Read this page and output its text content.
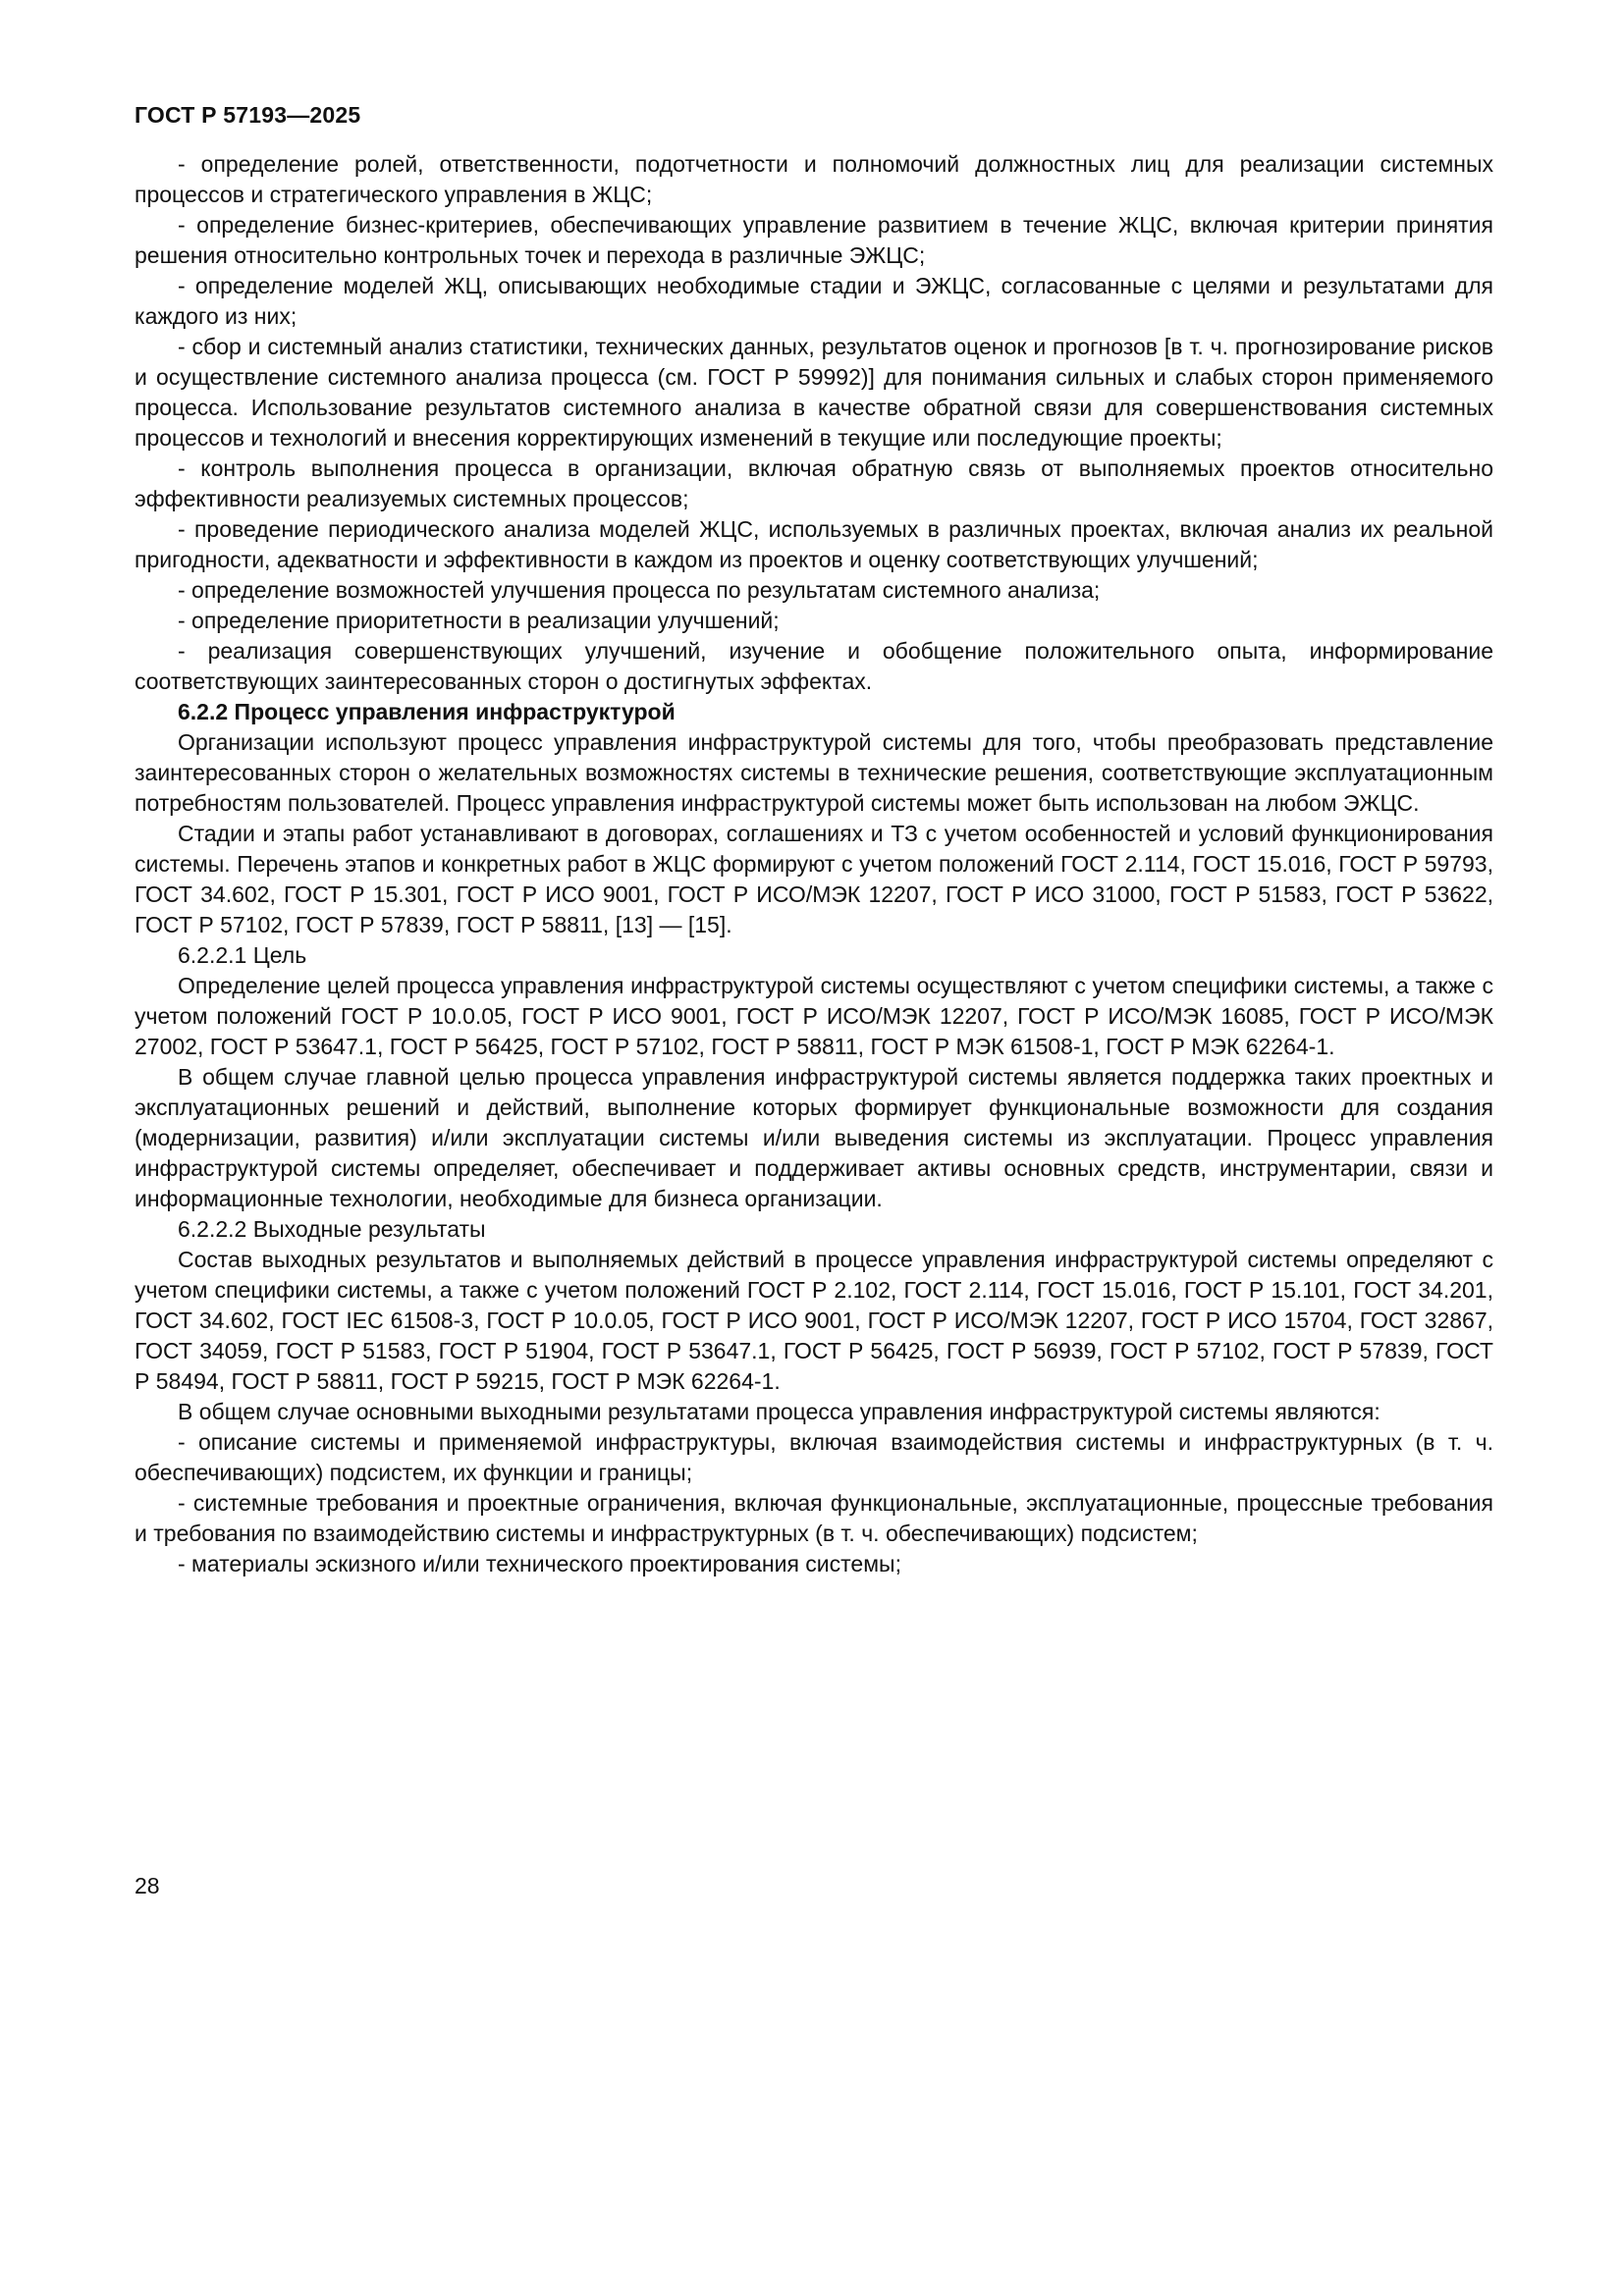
ГОСТ Р 57193—2025

- определение ролей, ответственности, подотчетности и полномочий должностных лиц для реализации системных процессов и стратегического управления в ЖЦС;

- определение бизнес-критериев, обеспечивающих управление развитием в течение ЖЦС, включая критерии принятия решения относительно контрольных точек и перехода в различные ЭЖЦС;

- определение моделей ЖЦ, описывающих необходимые стадии и ЭЖЦС, согласованные с целями и результатами для каждого из них;

- сбор и системный анализ статистики, технических данных, результатов оценок и прогнозов [в т. ч. прогнозирование рисков и осуществление системного анализа процесса (см. ГОСТ Р 59992)] для понимания сильных и слабых сторон применяемого процесса. Использование результатов системного анализа в качестве обратной связи для совершенствования системных процессов и технологий и внесения корректирующих изменений в текущие или последующие проекты;

- контроль выполнения процесса в организации, включая обратную связь от выполняемых проектов относительно эффективности реализуемых системных процессов;

- проведение периодического анализа моделей ЖЦС, используемых в различных проектах, включая анализ их реальной пригодности, адекватности и эффективности в каждом из проектов и оценку соответствующих улучшений;

- определение возможностей улучшения процесса по результатам системного анализа;

- определение приоритетности в реализации улучшений;

- реализация совершенствующих улучшений, изучение и обобщение положительного опыта, информирование соответствующих заинтересованных сторон о достигнутых эффектах.

6.2.2 Процесс управления инфраструктурой

Организации используют процесс управления инфраструктурой системы для того, чтобы преобразовать представление заинтересованных сторон о желательных возможностях системы в технические решения, соответствующие эксплуатационным потребностям пользователей. Процесс управления инфраструктурой системы может быть использован на любом ЭЖЦС.

Стадии и этапы работ устанавливают в договорах, соглашениях и ТЗ с учетом особенностей и условий функционирования системы. Перечень этапов и конкретных работ в ЖЦС формируют с учетом положений ГОСТ 2.114, ГОСТ 15.016, ГОСТ Р 59793, ГОСТ 34.602, ГОСТ Р 15.301, ГОСТ Р ИСО 9001, ГОСТ Р ИСО/МЭК 12207, ГОСТ Р ИСО 31000, ГОСТ Р 51583, ГОСТ Р 53622, ГОСТ Р 57102, ГОСТ Р 57839, ГОСТ Р 58811, [13] — [15].

6.2.2.1 Цель

Определение целей процесса управления инфраструктурой системы осуществляют с учетом специфики системы, а также с учетом положений ГОСТ Р 10.0.05, ГОСТ Р ИСО 9001, ГОСТ Р ИСО/МЭК 12207, ГОСТ Р ИСО/МЭК 16085, ГОСТ Р ИСО/МЭК 27002, ГОСТ Р 53647.1, ГОСТ Р 56425, ГОСТ Р 57102, ГОСТ Р 58811, ГОСТ Р МЭК 61508-1, ГОСТ Р МЭК 62264-1.

В общем случае главной целью процесса управления инфраструктурой системы является поддержка таких проектных и эксплуатационных решений и действий, выполнение которых формирует функциональные возможности для создания (модернизации, развития) и/или эксплуатации системы и/или выведения системы из эксплуатации. Процесс управления инфраструктурой системы определяет, обеспечивает и поддерживает активы основных средств, инструментарии, связи и информационные технологии, необходимые для бизнеса организации.

6.2.2.2 Выходные результаты

Состав выходных результатов и выполняемых действий в процессе управления инфраструктурой системы определяют с учетом специфики системы, а также с учетом положений ГОСТ Р 2.102, ГОСТ 2.114, ГОСТ 15.016, ГОСТ Р 15.101, ГОСТ 34.201, ГОСТ 34.602, ГОСТ IEC 61508-3, ГОСТ Р 10.0.05, ГОСТ Р ИСО 9001, ГОСТ Р ИСО/МЭК 12207, ГОСТ Р ИСО 15704, ГОСТ 32867, ГОСТ 34059, ГОСТ Р 51583, ГОСТ Р 51904, ГОСТ Р 53647.1, ГОСТ Р 56425, ГОСТ Р 56939, ГОСТ Р 57102, ГОСТ Р 57839, ГОСТ Р 58494, ГОСТ Р 58811, ГОСТ Р 59215, ГОСТ Р МЭК 62264-1.

В общем случае основными выходными результатами процесса управления инфраструктурой системы являются:

- описание системы и применяемой инфраструктуры, включая взаимодействия системы и инфраструктурных (в т. ч. обеспечивающих) подсистем, их функции и границы;

- системные требования и проектные ограничения, включая функциональные, эксплуатационные, процессные требования и требования по взаимодействию системы и инфраструктурных (в т. ч. обеспечивающих) подсистем;

- материалы эскизного и/или технического проектирования системы;

28
